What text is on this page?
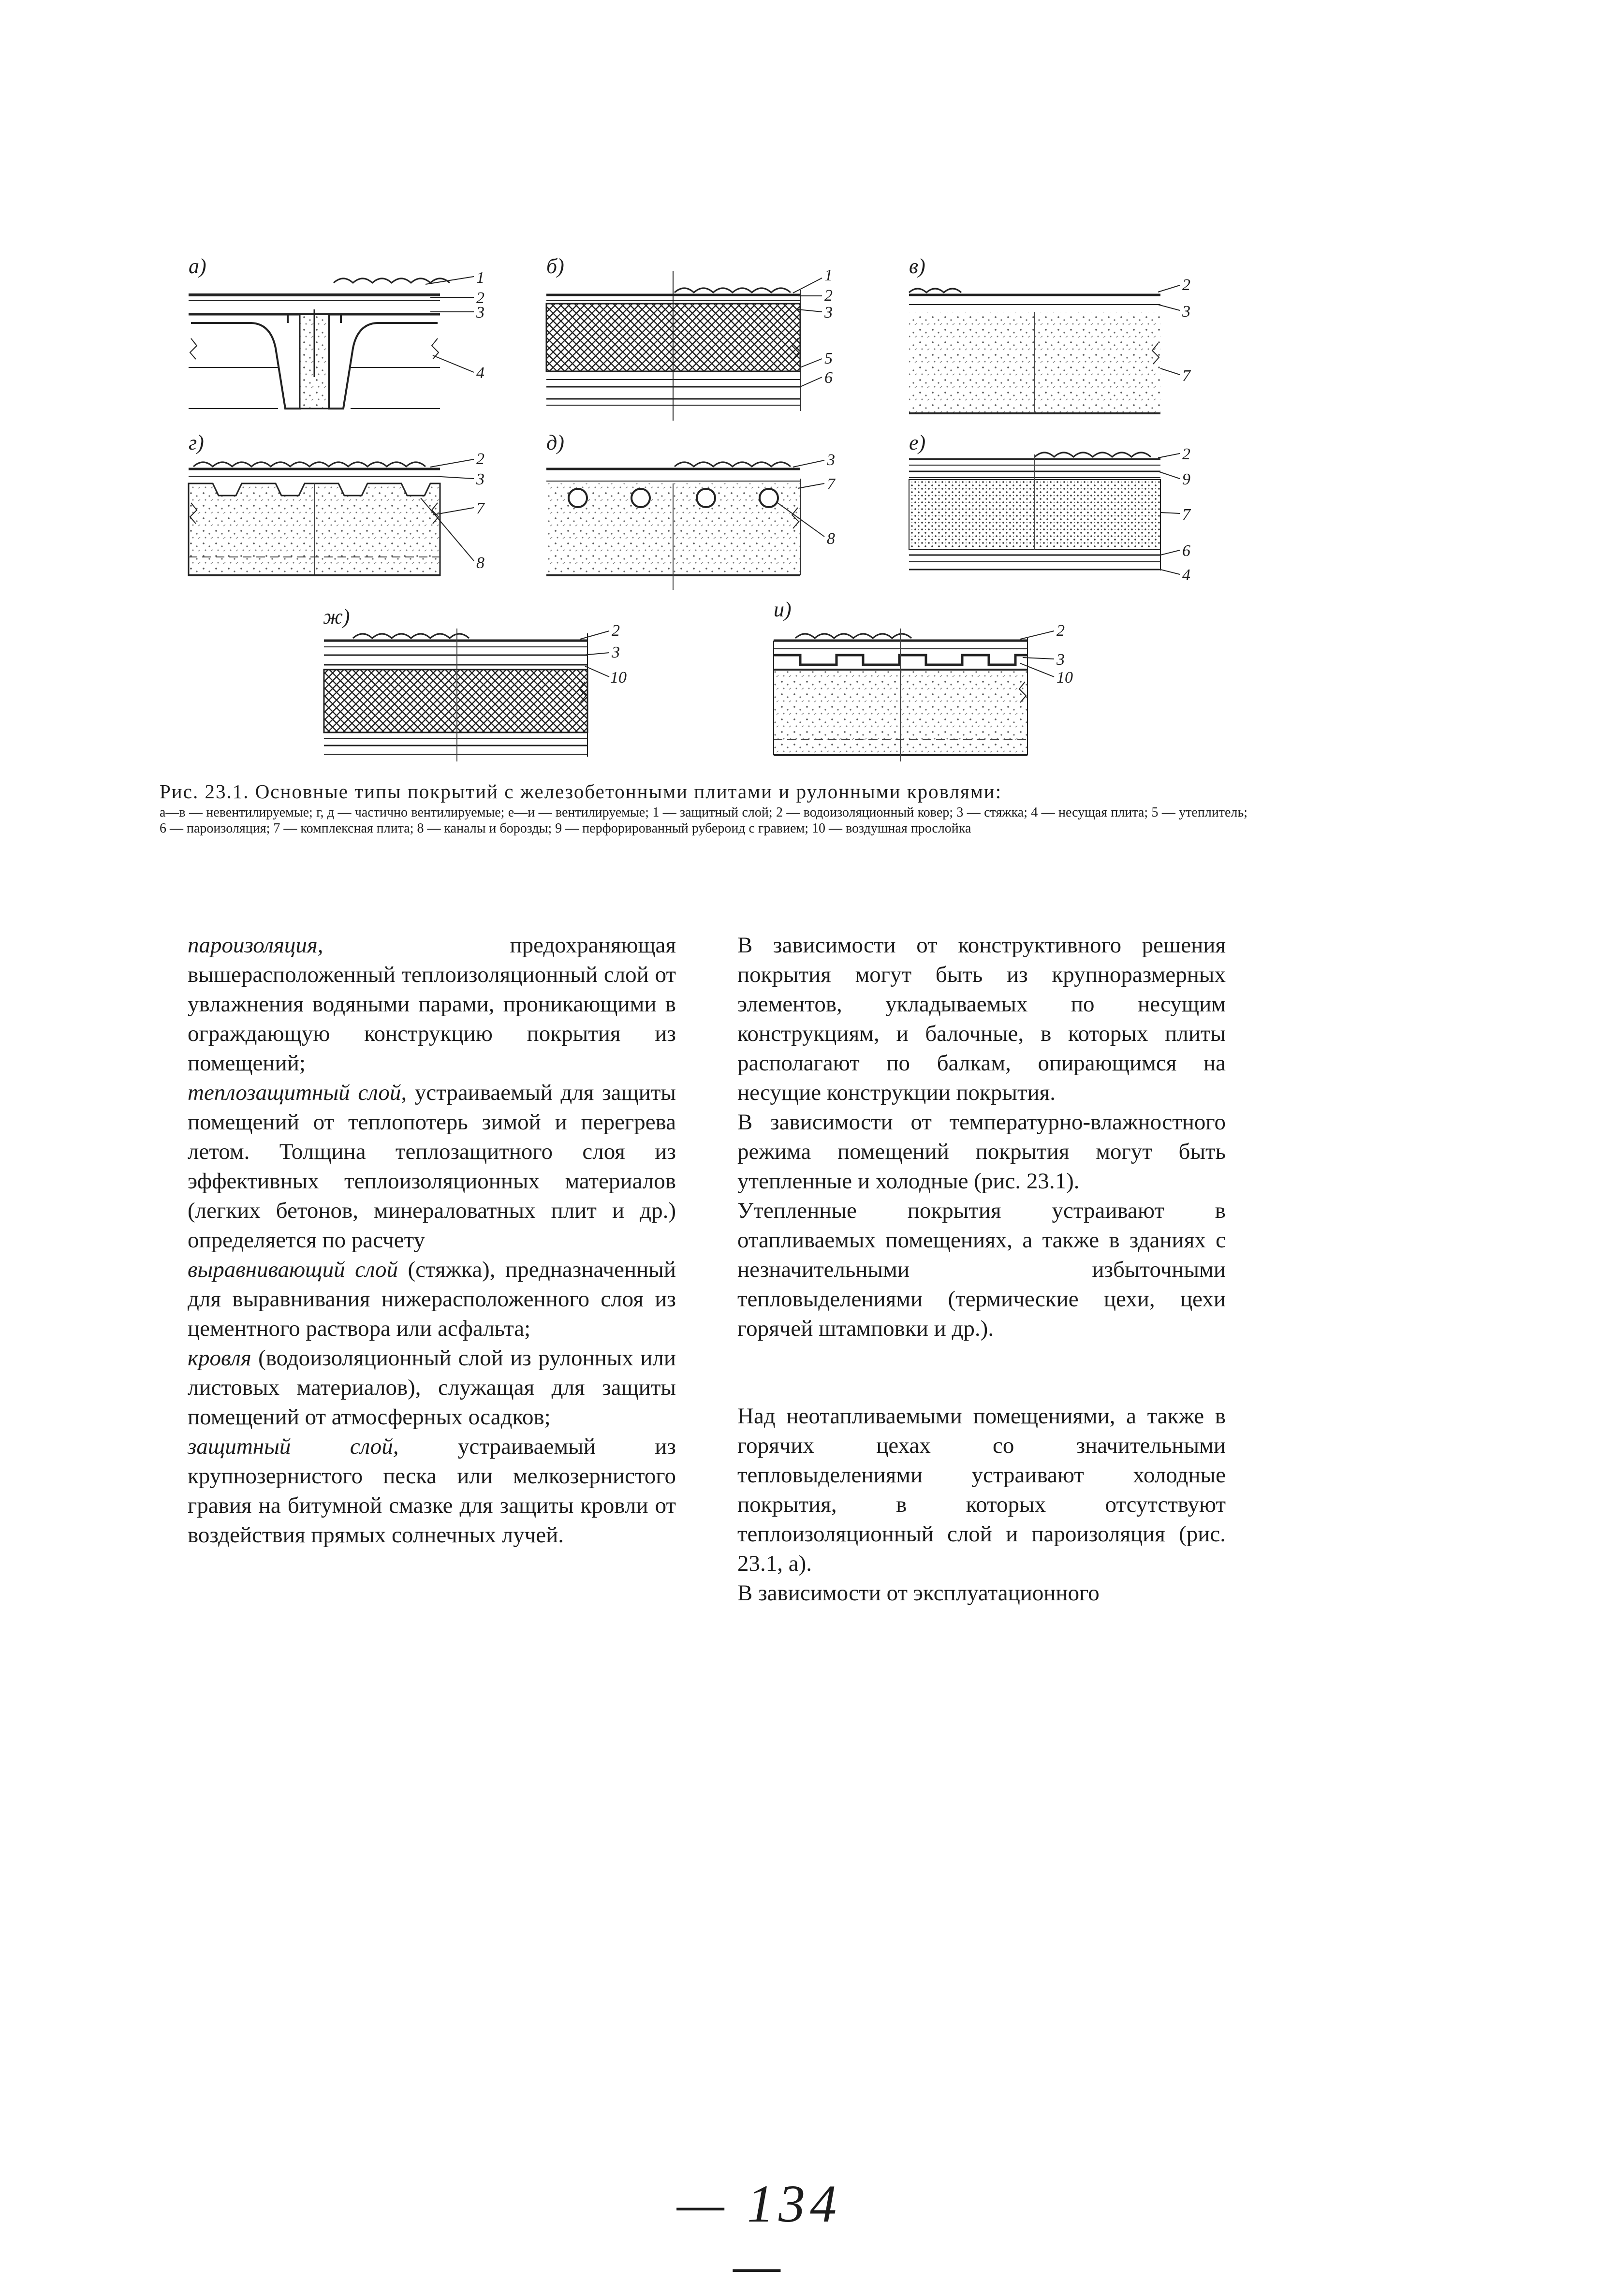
а)	1
2
3
4
б)	1
2
3
5
6
в)
2
3
7
г)
2
3
7
8
д)
3
7
8
е)	2
9
7
6
4
ж)
2
3
10
и)
2
3
10
Рис. 23.1. Основные типы покрытий с железобетонными плитами и рулонными кровлями:
а—в — невентилируемые; г, д — частично вентилируемые; е—и — вентилируемые; 1 — защитный слой; 2 — водоизоляционный ковер; 3 — стяжка; 4 — несущая плита; 5 — утеплитель; 6 — пароизоляция; 7 — комплексная плита; 8 — каналы и борозды; 9 — перфорированный рубероид с гравием; 10 — воздушная прослойка

пароизоляция, предохраняющая вышерасположенный теплоизоляционный слой от увлажнения водяными парами, проникающими в ограждающую конструкцию покрытия из помещений;

теплозащитный слой, устраиваемый для защиты помещений от теплопотерь зимой и перегрева летом. Толщина теплозащитного слоя из эффективных теплоизоляционных материалов (легких бетонов, минераловатных плит и др.) определяется по расчету

выравнивающий слой (стяжка), предназначенный для выравнивания нижерасположенного слоя из цементного раствора или асфальта;

кровля (водоизоляционный слой из рулонных или листовых материалов), служащая для защиты помещений от атмосферных осадков;

защитный слой, устраиваемый из крупнозернистого песка или мелкозернистого гравия на битумной смазке для защиты кровли от воздействия прямых солнечных лучей.

В зависимости от конструктивного решения покрытия могут быть из крупноразмерных элементов, укладываемых по несущим конструкциям, и балочные, в которых плиты располагают по балкам, опирающимся на несущие конструкции покрытия.

В зависимости от температурно-влажностного режима помещений покрытия могут быть утепленные и холодные (рис. 23.1).

Утепленные покрытия устраивают в отапливаемых помещениях, а также в зданиях с незначительными избыточными тепловыделениями (термические цехи, цехи горячей штамповки и др.).

Над неотапливаемыми помещениями, а также в горячих цехах со значительными тепловыделениями устраивают холодные покрытия, в которых отсутствуют теплоизоляционный слой и пароизоляция (рис. 23.1, а).

В зависимости от эксплуатационного

— 134 —
